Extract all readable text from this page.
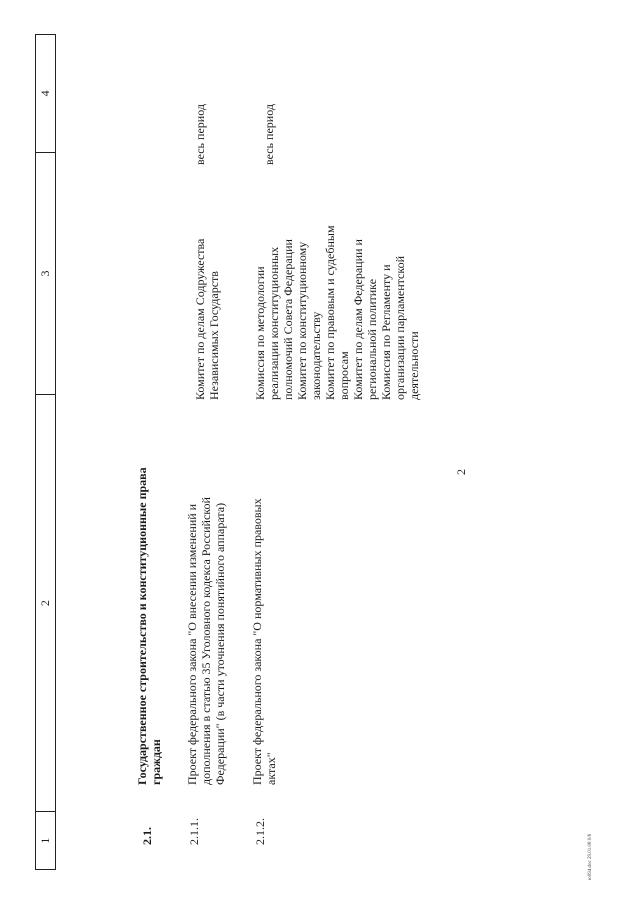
2
1
2
3
4
2.1.
Государственное строительство и конституционные права граждан
2.1.1.
Проект федерального закона "О внесении изменений и дополнения в статью 35 Уголовного кодекса Российской Федерации" (в части уточнения понятийного аппарата)
Комитет по делам Содружества Независимых Государств
весь период
2.1.2.
Проект федерального закона "О нормативных правовых актах"
Комиссия по методологии реализации конституционных полномочий Совета Федерации Комитет по конституционному законодательству Комитет по правовым и судебным вопросам Комитет по делам Федерации и региональной политике Комиссия по Регламенту и организации парламентской деятельности
весь период
ю094.doc 29.01.08 0/6
